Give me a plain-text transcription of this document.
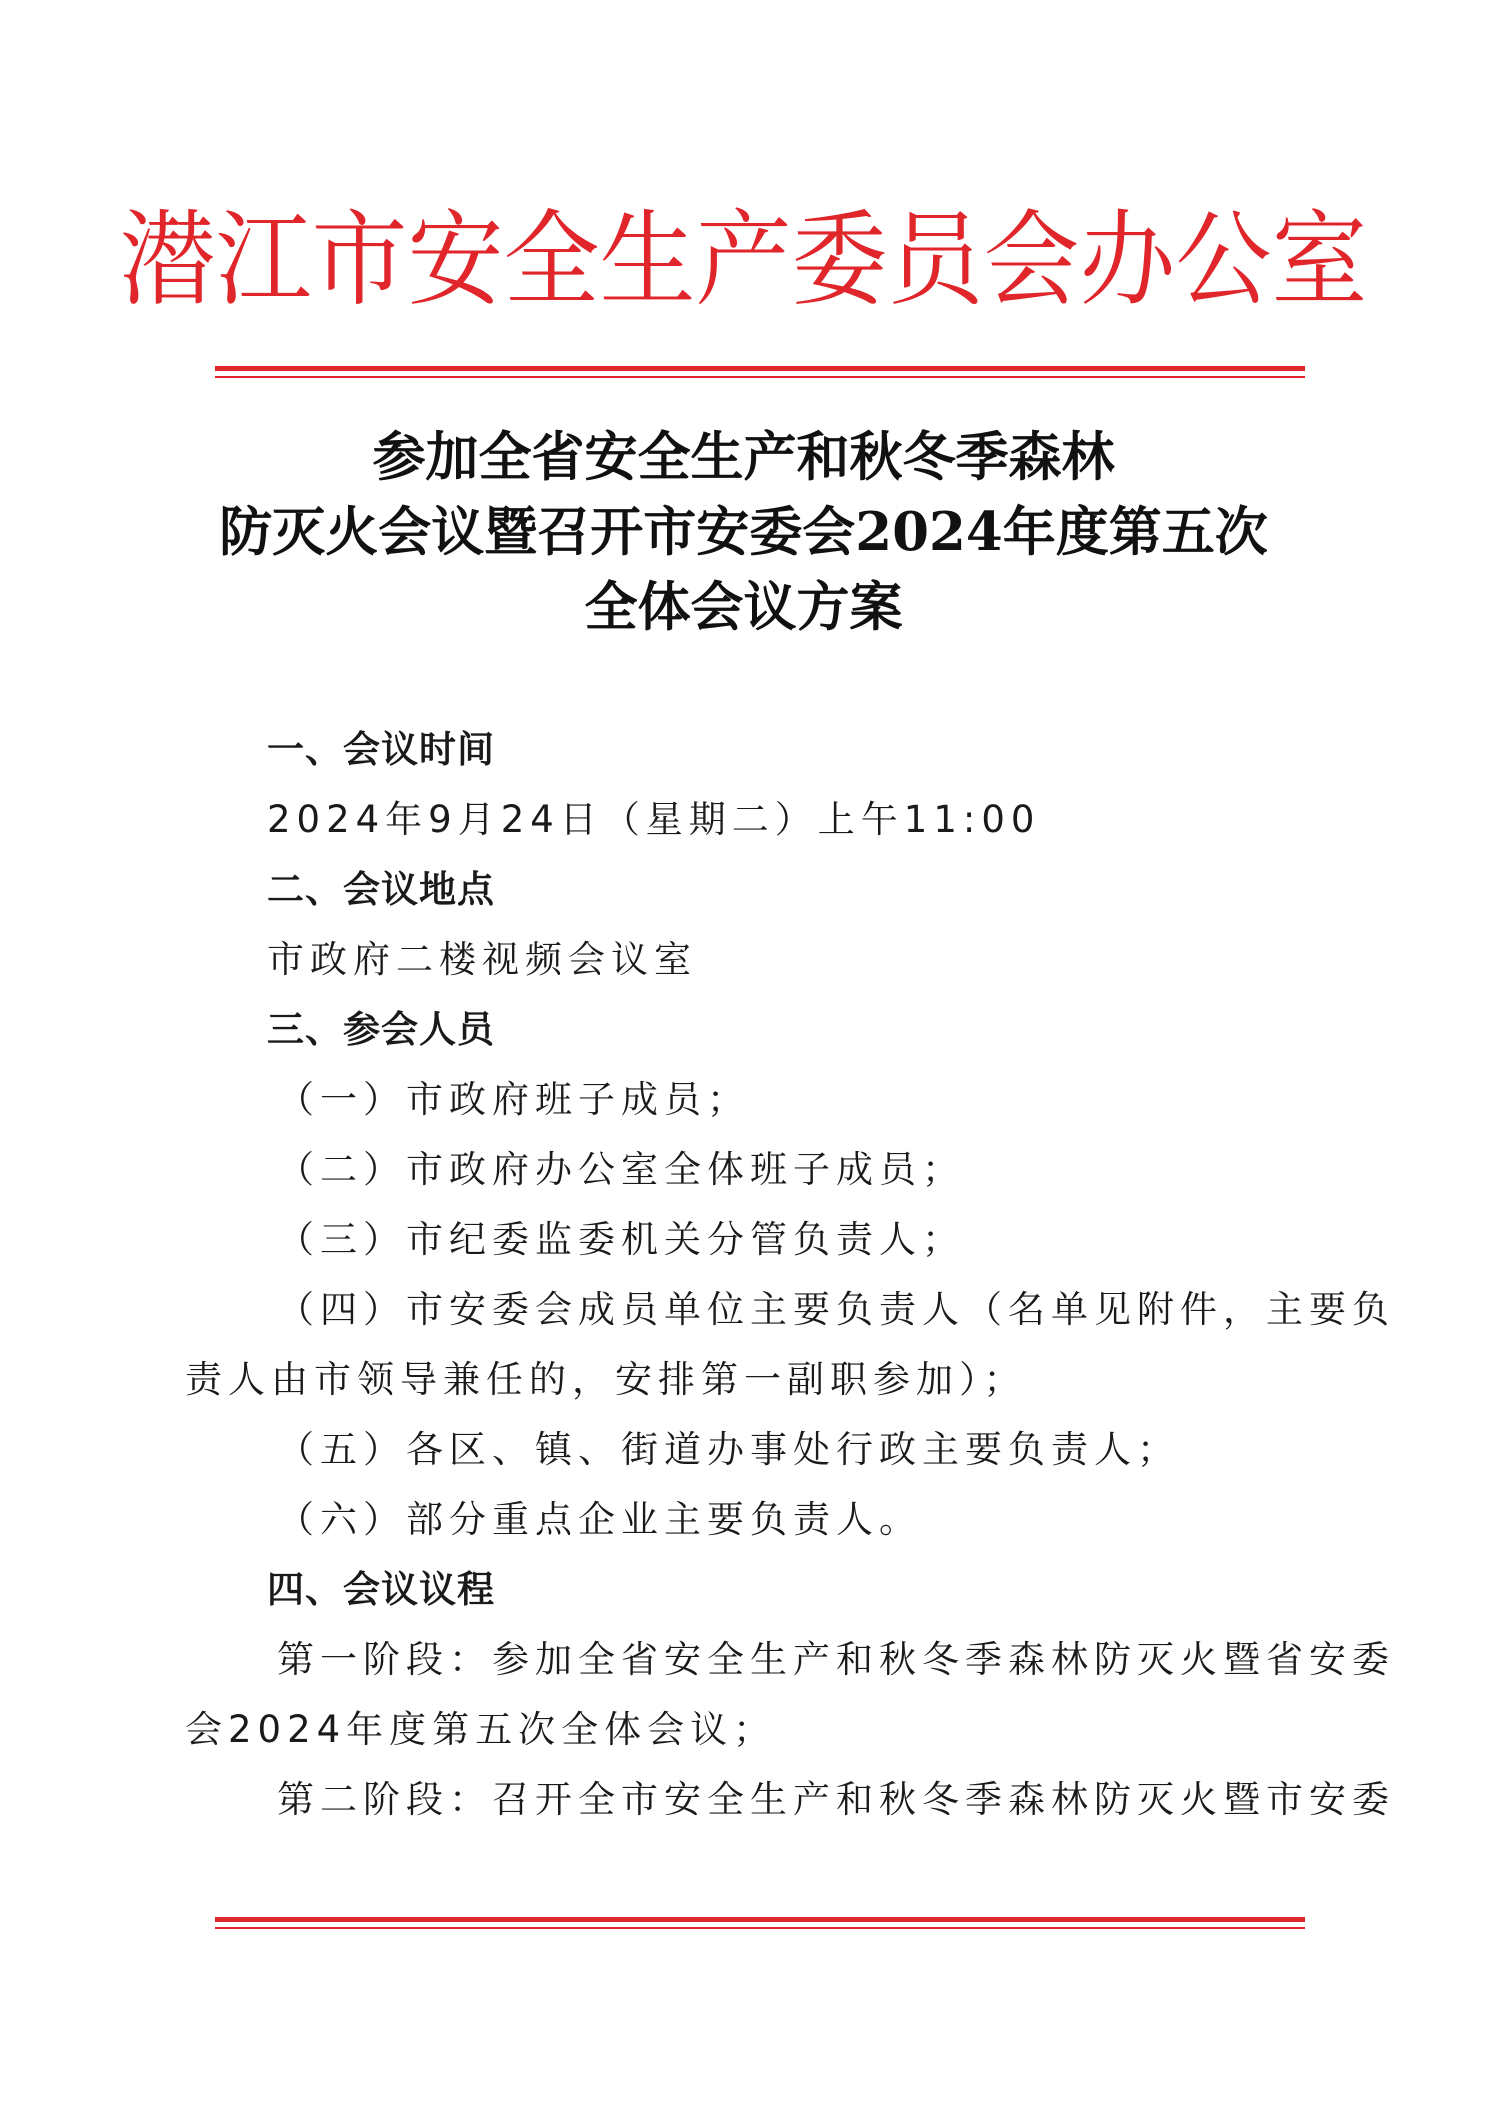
潜江市安全生产委员会办公室
参加全省安全生产和秋冬季森林
防灭火会议暨召开市安委会2024年度第五次
全体会议方案
一、会议时间
2024年9月24日（星期二）上午11:00
二、会议地点
市政府二楼视频会议室
三、参会人员
（一）市政府班子成员；
（二）市政府办公室全体班子成员；
（三）市纪委监委机关分管负责人；
（四）市安委会成员单位主要负责人（名单见附件，主要负
责人由市领导兼任的，安排第一副职参加）；
（五）各区、镇、街道办事处行政主要负责人；
（六）部分重点企业主要负责人。
四、会议议程
第一阶段：参加全省安全生产和秋冬季森林防灭火暨省安委
会2024年度第五次全体会议；
第二阶段：召开全市安全生产和秋冬季森林防灭火暨市安委
